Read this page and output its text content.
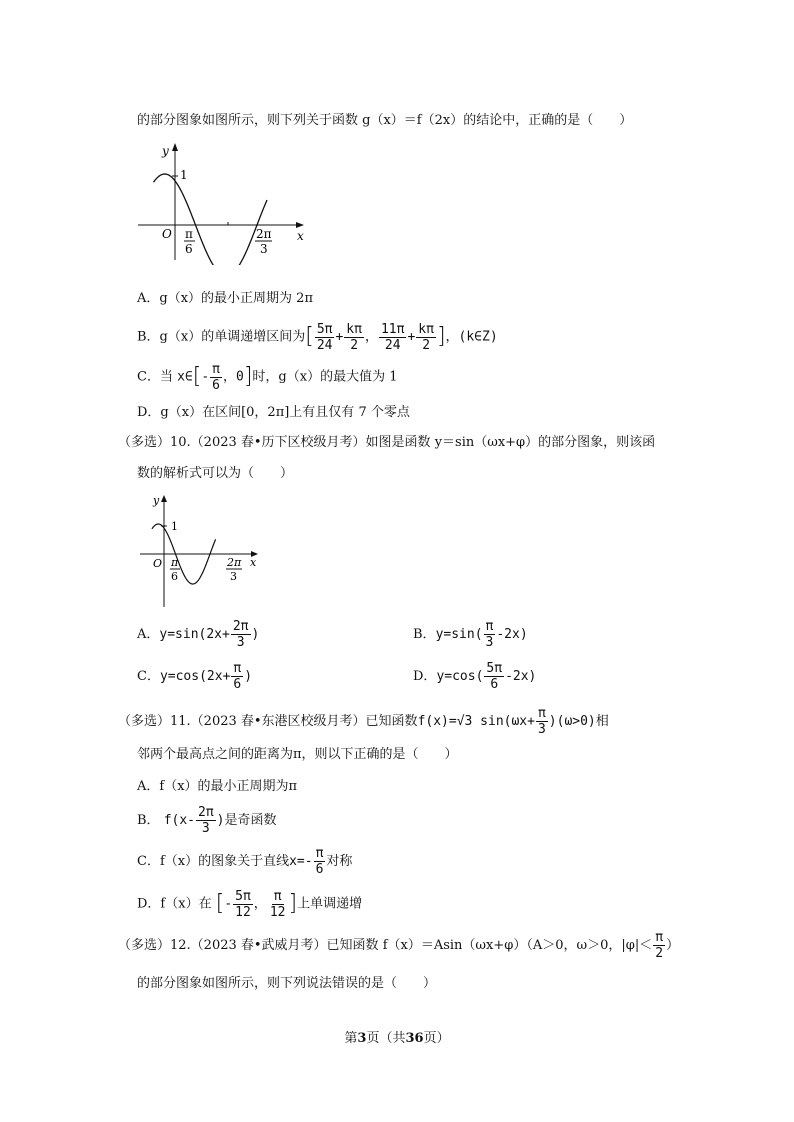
的部分图象如图所示，则下列关于函数 g（x）＝f（2x）的结论中，正确的是（　　）
y
x
O
1
π
6
2π
3
A．g（x）的最小正周期为 2π
B．g（x）的单调递增区间为[ $\frac{5\pi}{24} + \frac{k\pi}{2}$ ， $\frac{11\pi}{24} + \frac{k\pi}{2}$ ]，(k∈Z)
C．当 x∈[- $\frac{\pi}{6}$ ，0]时，g（x）的最大值为 1
D．g（x）在区间[0，2π]上有且仅有 7 个零点
（多选）10.（2023 春•历下区校级月考）如图是函数 y＝sin（ωx+φ）的部分图象，则该函
数的解析式可以为（　　）
y
x
O
1
π
6
2π
3
A．$y=\sin(2x+ \frac{2\pi}{3}$ )	B．$y=\sin( \frac{\pi}{3} -2x)$
C．$y=\cos(2x+ \frac{\pi}{6}$ )	D．$y=\cos( \frac{5\pi}{6} -2x)$
（多选）11.（2023 春•东港区校级月考）已知函数f(x)=√3 $\sin(\omega x+ \frac{\pi}{3} )(\omega>0)$相
邻两个最高点之间的距离为π，则以下正确的是（　　）
A．f（x）的最小正周期为π
B． $f(x- \frac{2\pi}{3}$ )是奇函数
C．f（x）的图象关于直线$x=- \frac{\pi}{6}$ 对称
D．f（x）在 [- $\frac{5\pi}{12}$ ， $\frac{\pi}{12}$ ]上单调递增
（多选）12.（2023 春•武威月考）已知函数 f（x）＝Asin（ωx+φ）（A＞0，ω＞0，$|\varphi|< \frac{\pi}{2}$ ）
的部分图象如图所示，则下列说法错误的是（　　）
第3页（共36页）
